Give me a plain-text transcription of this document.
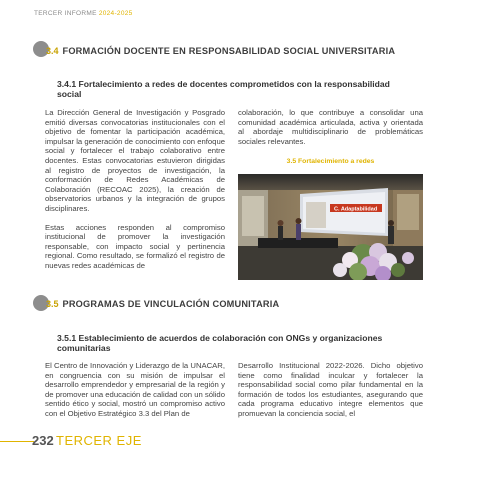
TERCER INFORME 2024-2025
3.4 FORMACIÓN DOCENTE EN RESPONSABILIDAD SOCIAL UNIVERSITARIA
3.4.1 Fortalecimiento a redes de docentes comprometidos con la responsabilidad
social

La Dirección General de Investigación y Posgrado emitió diversas convocatorias institucionales con el objetivo de fomentar la participación académica, impulsar la generación de conocimiento con enfoque social y fortalecer el trabajo colaborativo entre docentes. Estas convocatorias estuvieron dirigidas al registro de proyectos de investigación, la conformación de Redes Académicas de Colaboración (RECOAC 2025), la creación de observatorios urbanos y la integración de grupos disciplinares.

Estas acciones responden al compromiso institucional de promover la investigación responsable, con impacto social y pertinencia regional. Como resultado, se formalizó el registro de nuevas redes académicas de

colaboración, lo que contribuye a consolidar una comunidad académica articulada, activa y orientada al abordaje multidisciplinario de problemáticas sociales relevantes.

3.5 Fortalecimiento a redes
C. Adaptabilidad
3.5 PROGRAMAS DE VINCULACIÓN COMUNITARIA
3.5.1 Establecimiento de acuerdos de colaboración con ONGs y organizaciones
comunitarias

El Centro de Innovación y Liderazgo de la UNACAR, en congruencia con su misión de impulsar el desarrollo emprendedor y empresarial de la región y de promover una educación de calidad con un sólido sentido ético y social, mostró un compromiso activo con el Objetivo Estratégico 3.3 del Plan de

Desarrollo Institucional 2022-2026. Dicho objetivo tiene como finalidad inculcar y fortalecer la responsabilidad social como pilar fundamental en la formación de todos los estudiantes, asegurando que cada programa educativo integre elementos que promuevan la conciencia social, el

232 TERCER EJE
